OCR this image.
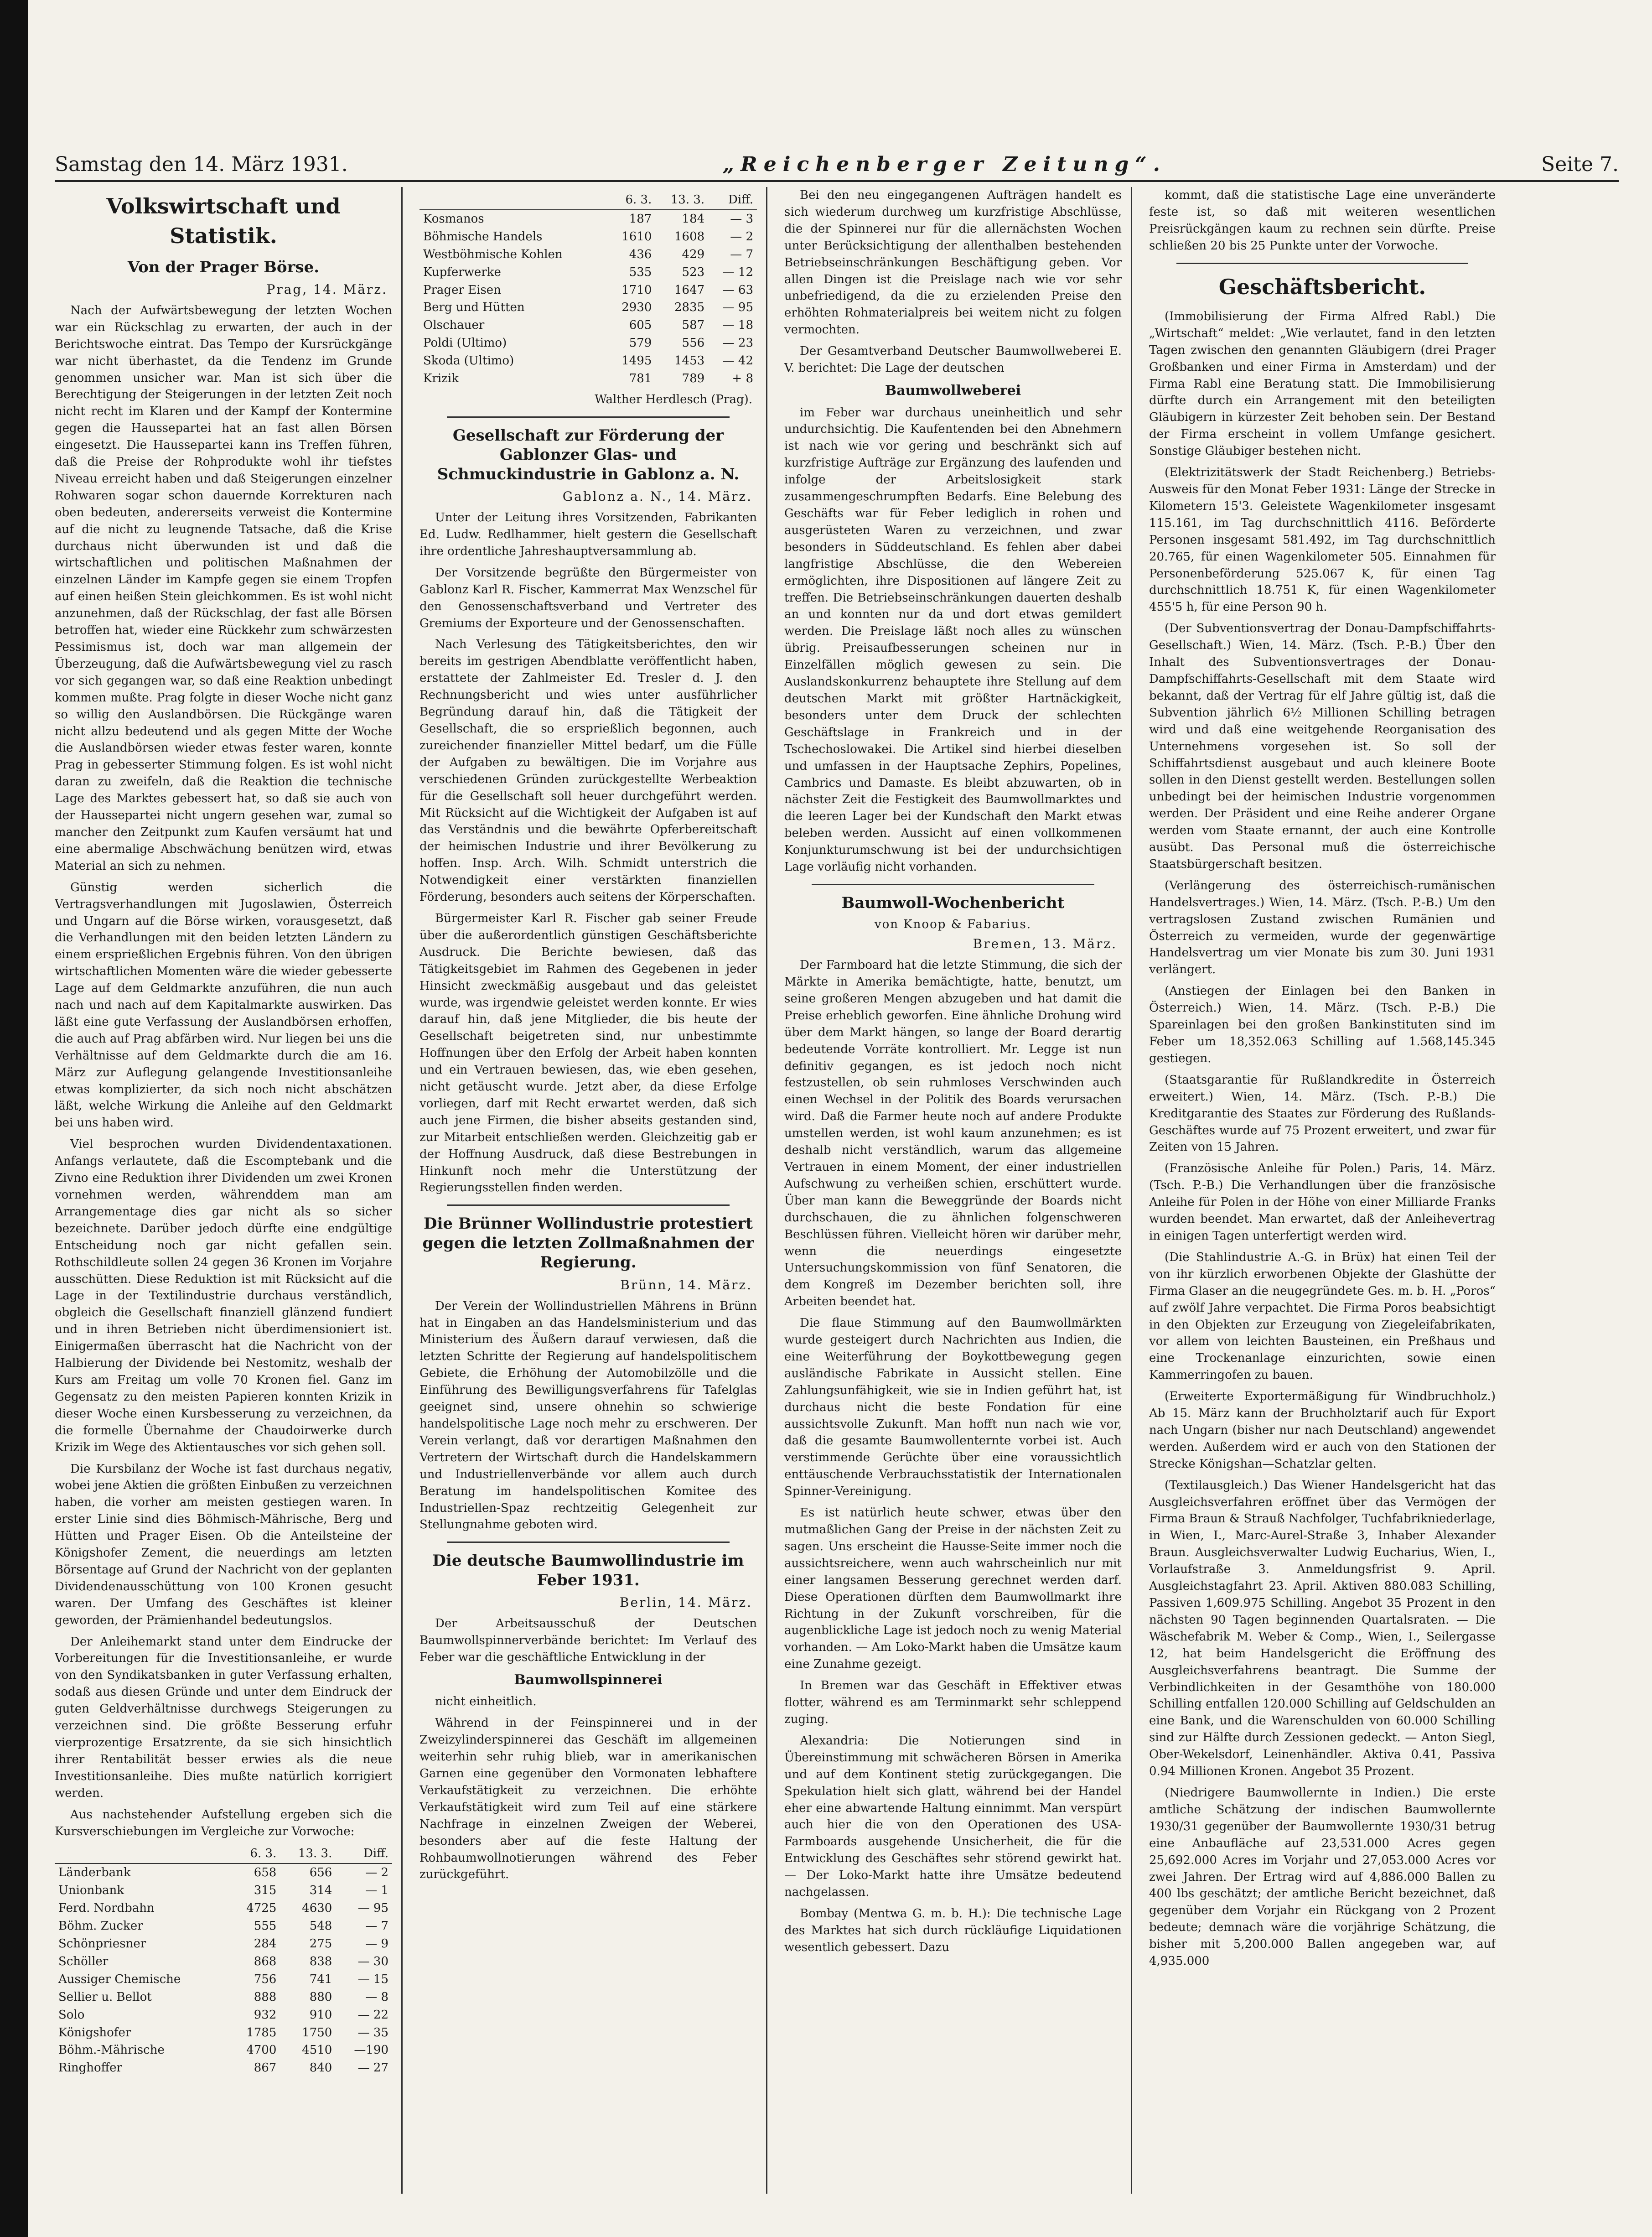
Samstag den 14. März 1931.	„Reichenberger Zeitung“.	Seite 7.
Volkswirtschaft und Statistik.
Von der Prager Börse.
Prag, 14. März.

Nach der Aufwärtsbewegung der letzten Wochen war ein Rückschlag zu erwarten, der auch in der Berichtswoche eintrat. Das Tempo der Kursrückgänge war nicht überhastet, da die Tendenz im Grunde genommen unsicher war. Man ist sich über die Berechtigung der Steigerungen in der letzten Zeit noch nicht recht im Klaren und der Kampf der Kontermine gegen die Haussepartei hat an fast allen Börsen eingesetzt. Die Haussepartei kann ins Treffen führen, daß die Preise der Rohprodukte wohl ihr tiefstes Niveau erreicht haben und daß Steigerungen einzelner Rohwaren sogar schon dauernde Korrekturen nach oben bedeuten, andererseits verweist die Kontermine auf die nicht zu leugnende Tatsache, daß die Krise durchaus nicht überwunden ist und daß die wirtschaftlichen und politischen Maßnahmen der einzelnen Länder im Kampfe gegen sie einem Tropfen auf einen heißen Stein gleichkommen. Es ist wohl nicht anzunehmen, daß der Rückschlag, der fast alle Börsen betroffen hat, wieder eine Rückkehr zum schwärzesten Pessimismus ist, doch war man allgemein der Überzeugung, daß die Aufwärtsbewegung viel zu rasch vor sich gegangen war, so daß eine Reaktion unbedingt kommen mußte. Prag folgte in dieser Woche nicht ganz so willig den Auslandbörsen. Die Rückgänge waren nicht allzu bedeutend und als gegen Mitte der Woche die Auslandbörsen wieder etwas fester waren, konnte Prag in gebesserter Stimmung folgen. Es ist wohl nicht daran zu zweifeln, daß die Reaktion die technische Lage des Marktes gebessert hat, so daß sie auch von der Haussepartei nicht ungern gesehen war, zumal so mancher den Zeitpunkt zum Kaufen versäumt hat und eine abermalige Abschwächung benützen wird, etwas Material an sich zu nehmen.

Günstig werden sicherlich die Vertragsverhandlungen mit Jugoslawien, Österreich und Ungarn auf die Börse wirken, vorausgesetzt, daß die Verhandlungen mit den beiden letzten Ländern zu einem ersprießlichen Ergebnis führen. Von den übrigen wirtschaftlichen Momenten wäre die wieder gebesserte Lage auf dem Geldmarkte anzuführen, die nun auch nach und nach auf dem Kapitalmarkte auswirken. Das läßt eine gute Verfassung der Auslandbörsen erhoffen, die auch auf Prag abfärben wird. Nur liegen bei uns die Verhältnisse auf dem Geldmarkte durch die am 16. März zur Auflegung gelangende Investitionsanleihe etwas komplizierter, da sich noch nicht abschätzen läßt, welche Wirkung die Anleihe auf den Geldmarkt bei uns haben wird.

Viel besprochen wurden Dividendentaxationen. Anfangs verlautete, daß die Escomptebank und die Zivno eine Reduktion ihrer Dividenden um zwei Kronen vornehmen werden, währenddem man am Arrangementage dies gar nicht als so sicher bezeichnete. Darüber jedoch dürfte eine endgültige Entscheidung noch gar nicht gefallen sein. Rothschildleute sollen 24 gegen 36 Kronen im Vorjahre ausschütten. Diese Reduktion ist mit Rücksicht auf die Lage in der Textilindustrie durchaus verständlich, obgleich die Gesellschaft finanziell glänzend fundiert und in ihren Betrieben nicht überdimensioniert ist. Einigermaßen überrascht hat die Nachricht von der Halbierung der Dividende bei Nestomitz, weshalb der Kurs am Freitag um volle 70 Kronen fiel. Ganz im Gegensatz zu den meisten Papieren konnten Krizik in dieser Woche einen Kursbesserung zu verzeichnen, da die formelle Übernahme der Chaudoirwerke durch Krizik im Wege des Aktientausches vor sich gehen soll.

Die Kursbilanz der Woche ist fast durchaus negativ, wobei jene Aktien die größten Einbußen zu verzeichnen haben, die vorher am meisten gestiegen waren. In erster Linie sind dies Böhmisch-Mährische, Berg und Hütten und Prager Eisen. Ob die Anteilsteine der Königshofer Zement, die neuerdings am letzten Börsentage auf Grund der Nachricht von der geplanten Dividendenausschüttung von 100 Kronen gesucht waren. Der Umfang des Geschäftes ist kleiner geworden, der Prämienhandel bedeutungslos.

Der Anleihemarkt stand unter dem Eindrucke der Vorbereitungen für die Investitionsanleihe, er wurde von den Syndikatsbanken in guter Verfassung erhalten, sodaß aus diesen Gründe und unter dem Eindruck der guten Geldverhältnisse durchwegs Steigerungen zu verzeichnen sind. Die größte Besserung erfuhr vierprozentige Ersatzrente, da sie sich hinsichtlich ihrer Rentabilität besser erwies als die neue Investitionsanleihe. Dies mußte natürlich korrigiert werden.

Aus nachstehender Aufstellung ergeben sich die Kursverschiebungen im Vergleiche zur Vorwoche:

	6. 3.	13. 3.	Diff.
Länderbank	658	656	— 2
Unionbank	315	314	— 1
Ferd. Nordbahn	4725	4630	— 95
Böhm. Zucker	555	548	— 7
Schönpriesner	284	275	— 9
Schöller	868	838	— 30
Aussiger Chemische	756	741	— 15
Sellier u. Bellot	888	880	— 8
Solo	932	910	— 22
Königshofer	1785	1750	— 35
Böhm.-Mährische	4700	4510	—190
Ringhoffer	867	840	— 27
	6. 3.	13. 3.	Diff.
Kosmanos	187	184	— 3
Böhmische Handels	1610	1608	— 2
Westböhmische Kohlen	436	429	— 7
Kupferwerke	535	523	— 12
Prager Eisen	1710	1647	— 63
Berg und Hütten	2930	2835	— 95
Olschauer	605	587	— 18
Poldi (Ultimo)	579	556	— 23
Skoda (Ultimo)	1495	1453	— 42
Krizik	781	789	+ 8
Walther Herdlesch (Prag).
Gesellschaft zur Förderung der Gablonzer Glas- und Schmuckindustrie in Gablonz a. N.
Gablonz a. N., 14. März.

Unter der Leitung ihres Vorsitzenden, Fabrikanten Ed. Ludw. Redlhammer, hielt gestern die Gesellschaft ihre ordentliche Jahreshauptversammlung ab.

Der Vorsitzende begrüßte den Bürgermeister von Gablonz Karl R. Fischer, Kammerrat Max Wenzschel für den Genossenschaftsverband und Vertreter des Gremiums der Exporteure und der Genossenschaften.

Nach Verlesung des Tätigkeitsberichtes, den wir bereits im gestrigen Abendblatte veröffentlicht haben, erstattete der Zahlmeister Ed. Tresler d. J. den Rechnungsbericht und wies unter ausführlicher Begründung darauf hin, daß die Tätigkeit der Gesellschaft, die so ersprießlich begonnen, auch zureichender finanzieller Mittel bedarf, um die Fülle der Aufgaben zu bewältigen. Die im Vorjahre aus verschiedenen Gründen zurückgestellte Werbeaktion für die Gesellschaft soll heuer durchgeführt werden. Mit Rücksicht auf die Wichtigkeit der Aufgaben ist auf das Verständnis und die bewährte Opferbereitschaft der heimischen Industrie und ihrer Bevölkerung zu hoffen. Insp. Arch. Wilh. Schmidt unterstrich die Notwendigkeit einer verstärkten finanziellen Förderung, besonders auch seitens der Körperschaften.

Bürgermeister Karl R. Fischer gab seiner Freude über die außerordentlich günstigen Geschäftsberichte Ausdruck. Die Berichte bewiesen, daß das Tätigkeitsgebiet im Rahmen des Gegebenen in jeder Hinsicht zweckmäßig ausgebaut und das geleistet wurde, was irgendwie geleistet werden konnte. Er wies darauf hin, daß jene Mitglieder, die bis heute der Gesellschaft beigetreten sind, nur unbestimmte Hoffnungen über den Erfolg der Arbeit haben konnten und ein Vertrauen bewiesen, das, wie eben gesehen, nicht getäuscht wurde. Jetzt aber, da diese Erfolge vorliegen, darf mit Recht erwartet werden, daß sich auch jene Firmen, die bisher abseits gestanden sind, zur Mitarbeit entschließen werden. Gleichzeitig gab er der Hoffnung Ausdruck, daß diese Bestrebungen in Hinkunft noch mehr die Unterstützung der Regierungsstellen finden werden.

Die Brünner Wollindustrie protestiert gegen die letzten Zollmaßnahmen der Regierung.
Brünn, 14. März.

Der Verein der Wollindustriellen Mährens in Brünn hat in Eingaben an das Handelsministerium und das Ministerium des Äußern darauf verwiesen, daß die letzten Schritte der Regierung auf handelspolitischem Gebiete, die Erhöhung der Automobilzölle und die Einführung des Bewilligungsverfahrens für Tafelglas geeignet sind, unsere ohnehin so schwierige handelspolitische Lage noch mehr zu erschweren. Der Verein verlangt, daß vor derartigen Maßnahmen den Vertretern der Wirtschaft durch die Handelskammern und Industriellenverbände vor allem auch durch Beratung im handelspolitischen Komitee des Industriellen-Spaz rechtzeitig Gelegenheit zur Stellungnahme geboten wird.

Die deutsche Baumwollindustrie im Feber 1931.
Berlin, 14. März.

Der Arbeitsausschuß der Deutschen Baumwollspinnerverbände berichtet: Im Verlauf des Feber war die geschäftliche Entwicklung in der

Baumwollspinnerei

nicht einheitlich.

Während in der Feinspinnerei und in der Zweizylinderspinnerei das Geschäft im allgemeinen weiterhin sehr ruhig blieb, war in amerikanischen Garnen eine gegenüber den Vormonaten lebhaftere Verkaufstätigkeit zu verzeichnen. Die erhöhte Verkaufstätigkeit wird zum Teil auf eine stärkere Nachfrage in einzelnen Zweigen der Weberei, besonders aber auf die feste Haltung der Rohbaumwollnotierungen während des Feber zurückgeführt.

Bei den neu eingegangenen Aufträgen handelt es sich wiederum durchweg um kurzfristige Abschlüsse, die der Spinnerei nur für die allernächsten Wochen unter Berücksichtigung der allenthalben bestehenden Betriebseinschränkungen Beschäftigung geben. Vor allen Dingen ist die Preislage nach wie vor sehr unbefriedigend, da die zu erzielenden Preise den erhöhten Rohmaterialpreis bei weitem nicht zu folgen vermochten.

Der Gesamtverband Deutscher Baumwollweberei E. V. berichtet: Die Lage der deutschen

Baumwollweberei

im Feber war durchaus uneinheitlich und sehr undurchsichtig. Die Kaufentenden bei den Abnehmern ist nach wie vor gering und beschränkt sich auf kurzfristige Aufträge zur Ergänzung des laufenden und infolge der Arbeitslosigkeit stark zusammengeschrumpften Bedarfs. Eine Belebung des Geschäfts war für Feber lediglich in rohen und ausgerüsteten Waren zu verzeichnen, und zwar besonders in Süddeutschland. Es fehlen aber dabei langfristige Abschlüsse, die den Webereien ermöglichten, ihre Dispositionen auf längere Zeit zu treffen. Die Betriebseinschränkungen dauerten deshalb an und konnten nur da und dort etwas gemildert werden. Die Preislage läßt noch alles zu wünschen übrig. Preisaufbesserungen scheinen nur in Einzelfällen möglich gewesen zu sein. Die Auslandskonkurrenz behauptete ihre Stellung auf dem deutschen Markt mit größter Hartnäckigkeit, besonders unter dem Druck der schlechten Geschäftslage in Frankreich und in der Tschechoslowakei. Die Artikel sind hierbei dieselben und umfassen in der Hauptsache Zephirs, Popelines, Cambrics und Damaste. Es bleibt abzuwarten, ob in nächster Zeit die Festigkeit des Baumwollmarktes und die leeren Lager bei der Kundschaft den Markt etwas beleben werden. Aussicht auf einen vollkommenen Konjunkturumschwung ist bei der undurchsichtigen Lage vorläufig nicht vorhanden.

Baumwoll-Wochenbericht
von Knoop & Fabarius.
Bremen, 13. März.

Der Farmboard hat die letzte Stimmung, die sich der Märkte in Amerika bemächtigte, hatte, benutzt, um seine großeren Mengen abzugeben und hat damit die Preise erheblich geworfen. Eine ähnliche Drohung wird über dem Markt hängen, so lange der Board derartig bedeutende Vorräte kontrolliert. Mr. Legge ist nun definitiv gegangen, es ist jedoch noch nicht festzustellen, ob sein ruhmloses Verschwinden auch einen Wechsel in der Politik des Boards verursachen wird. Daß die Farmer heute noch auf andere Produkte umstellen werden, ist wohl kaum anzunehmen; es ist deshalb nicht verständlich, warum das allgemeine Vertrauen in einem Moment, der einer industriellen Aufschwung zu verheißen schien, erschüttert wurde. Über man kann die Beweggründe der Boards nicht durchschauen, die zu ähnlichen folgenschweren Beschlüssen führen. Vielleicht hören wir darüber mehr, wenn die neuerdings eingesetzte Untersuchungskommission von fünf Senatoren, die dem Kongreß im Dezember berichten soll, ihre Arbeiten beendet hat.

Die flaue Stimmung auf den Baumwollmärkten wurde gesteigert durch Nachrichten aus Indien, die eine Weiterführung der Boykottbewegung gegen ausländische Fabrikate in Aussicht stellen. Eine Zahlungsunfähigkeit, wie sie in Indien geführt hat, ist durchaus nicht die beste Fondation für eine aussichtsvolle Zukunft. Man hofft nun nach wie vor, daß die gesamte Baumwollenternte vorbei ist. Auch verstimmende Gerüchte über eine voraussichtlich enttäuschende Verbrauchsstatistik der Internationalen Spinner-Vereinigung.

Es ist natürlich heute schwer, etwas über den mutmaßlichen Gang der Preise in der nächsten Zeit zu sagen. Uns erscheint die Hausse-Seite immer noch die aussichtsreichere, wenn auch wahrscheinlich nur mit einer langsamen Besserung gerechnet werden darf. Diese Operationen dürften dem Baumwollmarkt ihre Richtung in der Zukunft vorschreiben, für die augenblickliche Lage ist jedoch noch zu wenig Material vorhanden. — Am Loko-Markt haben die Umsätze kaum eine Zunahme gezeigt.

In Bremen war das Geschäft in Effektiver etwas flotter, während es am Terminmarkt sehr schleppend zuging.

Alexandria: Die Notierungen sind in Übereinstimmung mit schwächeren Börsen in Amerika und auf dem Kontinent stetig zurückgegangen. Die Spekulation hielt sich glatt, während bei der Handel eher eine abwartende Haltung einnimmt. Man verspürt auch hier die von den Operationen des USA-Farmboards ausgehende Unsicherheit, die für die Entwicklung des Geschäftes sehr störend gewirkt hat. — Der Loko-Markt hatte ihre Umsätze bedeutend nachgelassen.

Bombay (Mentwa G. m. b. H.): Die technische Lage des Marktes hat sich durch rückläufige Liquidationen wesentlich gebessert. Dazu

kommt, daß die statistische Lage eine unveränderte feste ist, so daß mit weiteren wesentlichen Preisrückgängen kaum zu rechnen sein dürfte. Preise schließen 20 bis 25 Punkte unter der Vorwoche.

Geschäftsbericht.

(Immobilisierung der Firma Alfred Rabl.) Die „Wirtschaft“ meldet: „Wie verlautet, fand in den letzten Tagen zwischen den genannten Gläubigern (drei Prager Großbanken und einer Firma in Amsterdam) und der Firma Rabl eine Beratung statt. Die Immobilisierung dürfte durch ein Arrangement mit den beteiligten Gläubigern in kürzester Zeit behoben sein. Der Bestand der Firma erscheint in vollem Umfange gesichert. Sonstige Gläubiger bestehen nicht.

(Elektrizitätswerk der Stadt Reichenberg.) Betriebs-Ausweis für den Monat Feber 1931: Länge der Strecke in Kilometern 15'3. Geleistete Wagenkilometer insgesamt 115.161, im Tag durchschnittlich 4116. Beförderte Personen insgesamt 581.492, im Tag durchschnittlich 20.765, für einen Wagenkilometer 505. Einnahmen für Personenbeförderung 525.067 K, für einen Tag durchschnittlich 18.751 K, für einen Wagenkilometer 455'5 h, für eine Person 90 h.

(Der Subventionsvertrag der Donau-Dampfschiffahrts-Gesellschaft.) Wien, 14. März. (Tsch. P.-B.) Über den Inhalt des Subventionsvertrages der Donau-Dampfschiffahrts-Gesellschaft mit dem Staate wird bekannt, daß der Vertrag für elf Jahre gültig ist, daß die Subvention jährlich 6½ Millionen Schilling betragen wird und daß eine weitgehende Reorganisation des Unternehmens vorgesehen ist. So soll der Schiffahrtsdienst ausgebaut und auch kleinere Boote sollen in den Dienst gestellt werden. Bestellungen sollen unbedingt bei der heimischen Industrie vorgenommen werden. Der Präsident und eine Reihe anderer Organe werden vom Staate ernannt, der auch eine Kontrolle ausübt. Das Personal muß die österreichische Staatsbürgerschaft besitzen.

(Verlängerung des österreichisch-rumänischen Handelsvertrages.) Wien, 14. März. (Tsch. P.-B.) Um den vertragslosen Zustand zwischen Rumänien und Österreich zu vermeiden, wurde der gegenwärtige Handelsvertrag um vier Monate bis zum 30. Juni 1931 verlängert.

(Anstiegen der Einlagen bei den Banken in Österreich.) Wien, 14. März. (Tsch. P.-B.) Die Spareinlagen bei den großen Bankinstituten sind im Feber um 18,352.063 Schilling auf 1.568,145.345 gestiegen.

(Staatsgarantie für Rußlandkredite in Österreich erweitert.) Wien, 14. März. (Tsch. P.-B.) Die Kreditgarantie des Staates zur Förderung des Rußlands-Geschäftes wurde auf 75 Prozent erweitert, und zwar für Zeiten von 15 Jahren.

(Französische Anleihe für Polen.) Paris, 14. März. (Tsch. P.-B.) Die Verhandlungen über die französische Anleihe für Polen in der Höhe von einer Milliarde Franks wurden beendet. Man erwartet, daß der Anleihevertrag in einigen Tagen unterfertigt werden wird.

(Die Stahlindustrie A.-G. in Brüx) hat einen Teil der von ihr kürzlich erworbenen Objekte der Glashütte der Firma Glaser an die neugegründete Ges. m. b. H. „Poros“ auf zwölf Jahre verpachtet. Die Firma Poros beabsichtigt in den Objekten zur Erzeugung von Ziegeleifabrikaten, vor allem von leichten Bausteinen, ein Preßhaus und eine Trockenanlage einzurichten, sowie einen Kammerringofen zu bauen.

(Erweiterte Exportermäßigung für Windbruchholz.) Ab 15. März kann der Bruchholztarif auch für Export nach Ungarn (bisher nur nach Deutschland) angewendet werden. Außerdem wird er auch von den Stationen der Strecke Königshan—Schatzlar gelten.

(Textilausgleich.) Das Wiener Handelsgericht hat das Ausgleichsverfahren eröffnet über das Vermögen der Firma Braun & Strauß Nachfolger, Tuchfabrikniederlage, in Wien, I., Marc-Aurel-Straße 3, Inhaber Alexander Braun. Ausgleichsverwalter Ludwig Eucharius, Wien, I., Vorlaufstraße 3. Anmeldungsfrist 9. April. Ausgleichstagfahrt 23. April. Aktiven 880.083 Schilling, Passiven 1,609.975 Schilling. Angebot 35 Prozent in den nächsten 90 Tagen beginnenden Quartalsraten. — Die Wäschefabrik M. Weber & Comp., Wien, I., Seilergasse 12, hat beim Handelsgericht die Eröffnung des Ausgleichsverfahrens beantragt. Die Summe der Verbindlichkeiten in der Gesamthöhe von 180.000 Schilling entfallen 120.000 Schilling auf Geldschulden an eine Bank, und die Warenschulden von 60.000 Schilling sind zur Hälfte durch Zessionen gedeckt. — Anton Siegl, Ober-Wekelsdorf, Leinenhändler. Aktiva 0.41, Passiva 0.94 Millionen Kronen. Angebot 35 Prozent.

(Niedrigere Baumwollernte in Indien.) Die erste amtliche Schätzung der indischen Baumwollernte 1930/31 gegenüber der Baumwollernte 1930/31 betrug eine Anbaufläche auf 23,531.000 Acres gegen 25,692.000 Acres im Vorjahr und 27,053.000 Acres vor zwei Jahren. Der Ertrag wird auf 4,886.000 Ballen zu 400 lbs geschätzt; der amtliche Bericht bezeichnet, daß gegenüber dem Vorjahr ein Rückgang von 2 Prozent bedeute; demnach wäre die vorjährige Schätzung, die bisher mit 5,200.000 Ballen angegeben war, auf 4,935.000
